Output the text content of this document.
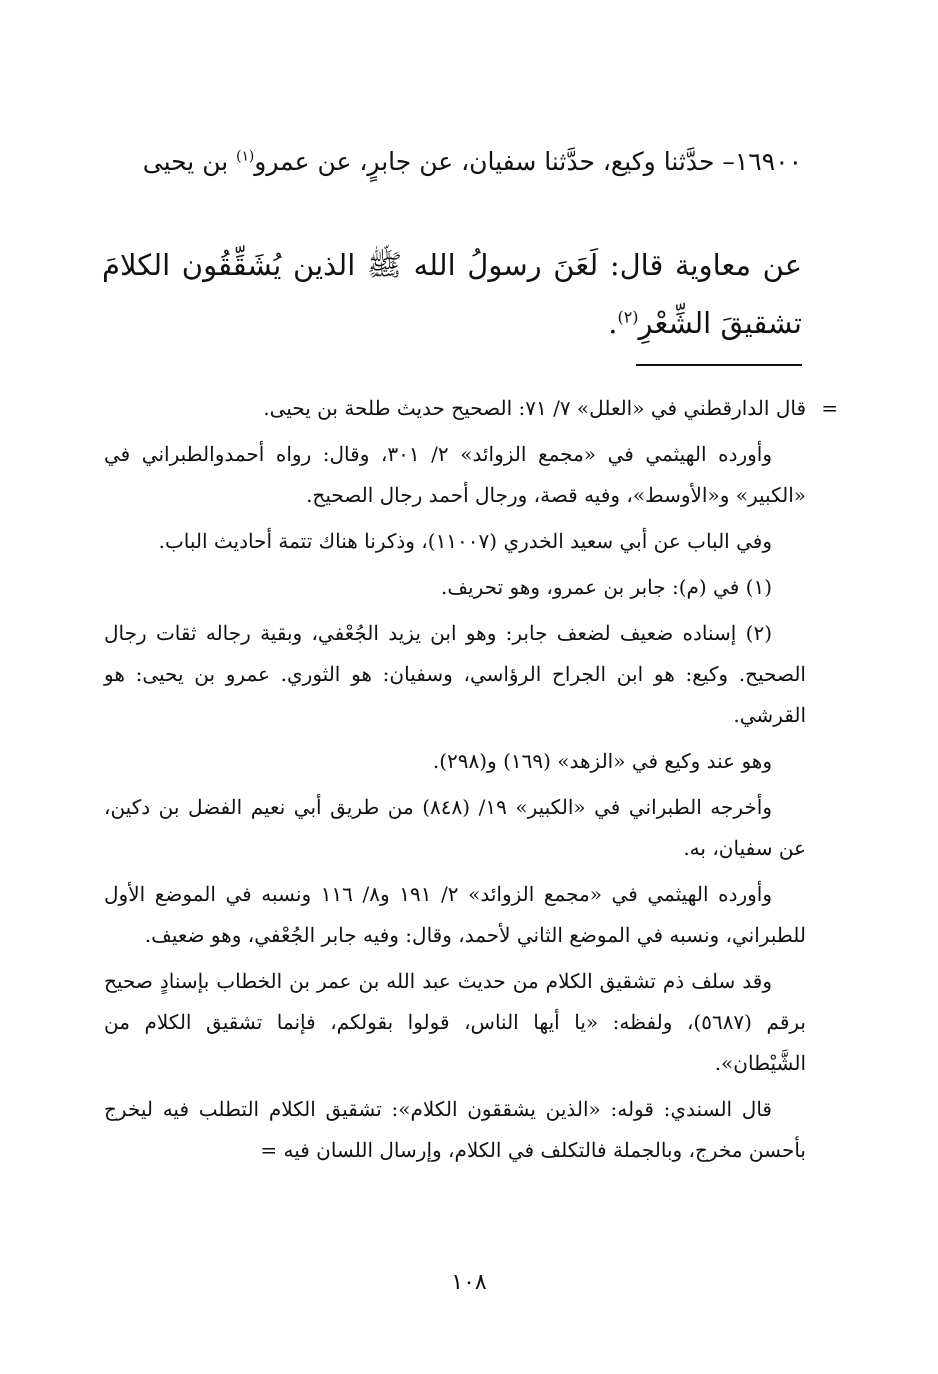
١٦٩٠٠– حدَّثنا وكيع، حدَّثنا سفيان، عن جابرٍ، عن عمرو$^{(١)}$ بن يحيى
عن معاوية قال: لَعَنَ رسولُ الله ﷺ الذين يُشَقِّقُون الكلامَ تشقيقَ الشِّعْرِ$^{(٢)}$.

=
قال الدارقطني في «العلل» ٧/ ٧١: الصحيح حديث طلحة بن يحيى.

وأورده الهيثمي في «مجمع الزوائد» ٢/ ٣٠١، وقال: رواه أحمدوالطبراني في «الكبير» و«الأوسط»، وفيه قصة، ورجال أحمد رجال الصحيح.

وفي الباب عن أبي سعيد الخدري (١١٠٠٧)، وذكرنا هناك تتمة أحاديث الباب.

(١) في (م): جابر بن عمرو، وهو تحريف.

(٢) إسناده ضعيف لضعف جابر: وهو ابن يزيد الجُعْفي، وبقية رجاله ثقات رجال الصحيح. وكيع: هو ابن الجراح الرؤاسي، وسفيان: هو الثوري. عمرو بن يحيى: هو القرشي.

وهو عند وكيع في «الزهد» (١٦٩) و(٢٩٨).

وأخرجه الطبراني في «الكبير» ١٩/ (٨٤٨) من طريق أبي نعيم الفضل بن دكين، عن سفيان، به.

وأورده الهيثمي في «مجمع الزوائد» ٢/ ١٩١ و٨/ ١١٦ ونسبه في الموضع الأول للطبراني، ونسبه في الموضع الثاني لأحمد، وقال: وفيه جابر الجُعْفي، وهو ضعيف.

وقد سلف ذم تشقيق الكلام من حديث عبد الله بن عمر بن الخطاب بإسنادٍ صحيح برقم (٥٦٨٧)، ولفظه: «يا أيها الناس، قولوا بقولكم، فإنما تشقيق الكلام من الشَّيْطان».

قال السندي: قوله: «الذين يشققون الكلام»: تشقيق الكلام التطلب فيه ليخرج بأحسن مخرج، وبالجملة فالتكلف في الكلام، وإرسال اللسان فيه =

١٠٨
